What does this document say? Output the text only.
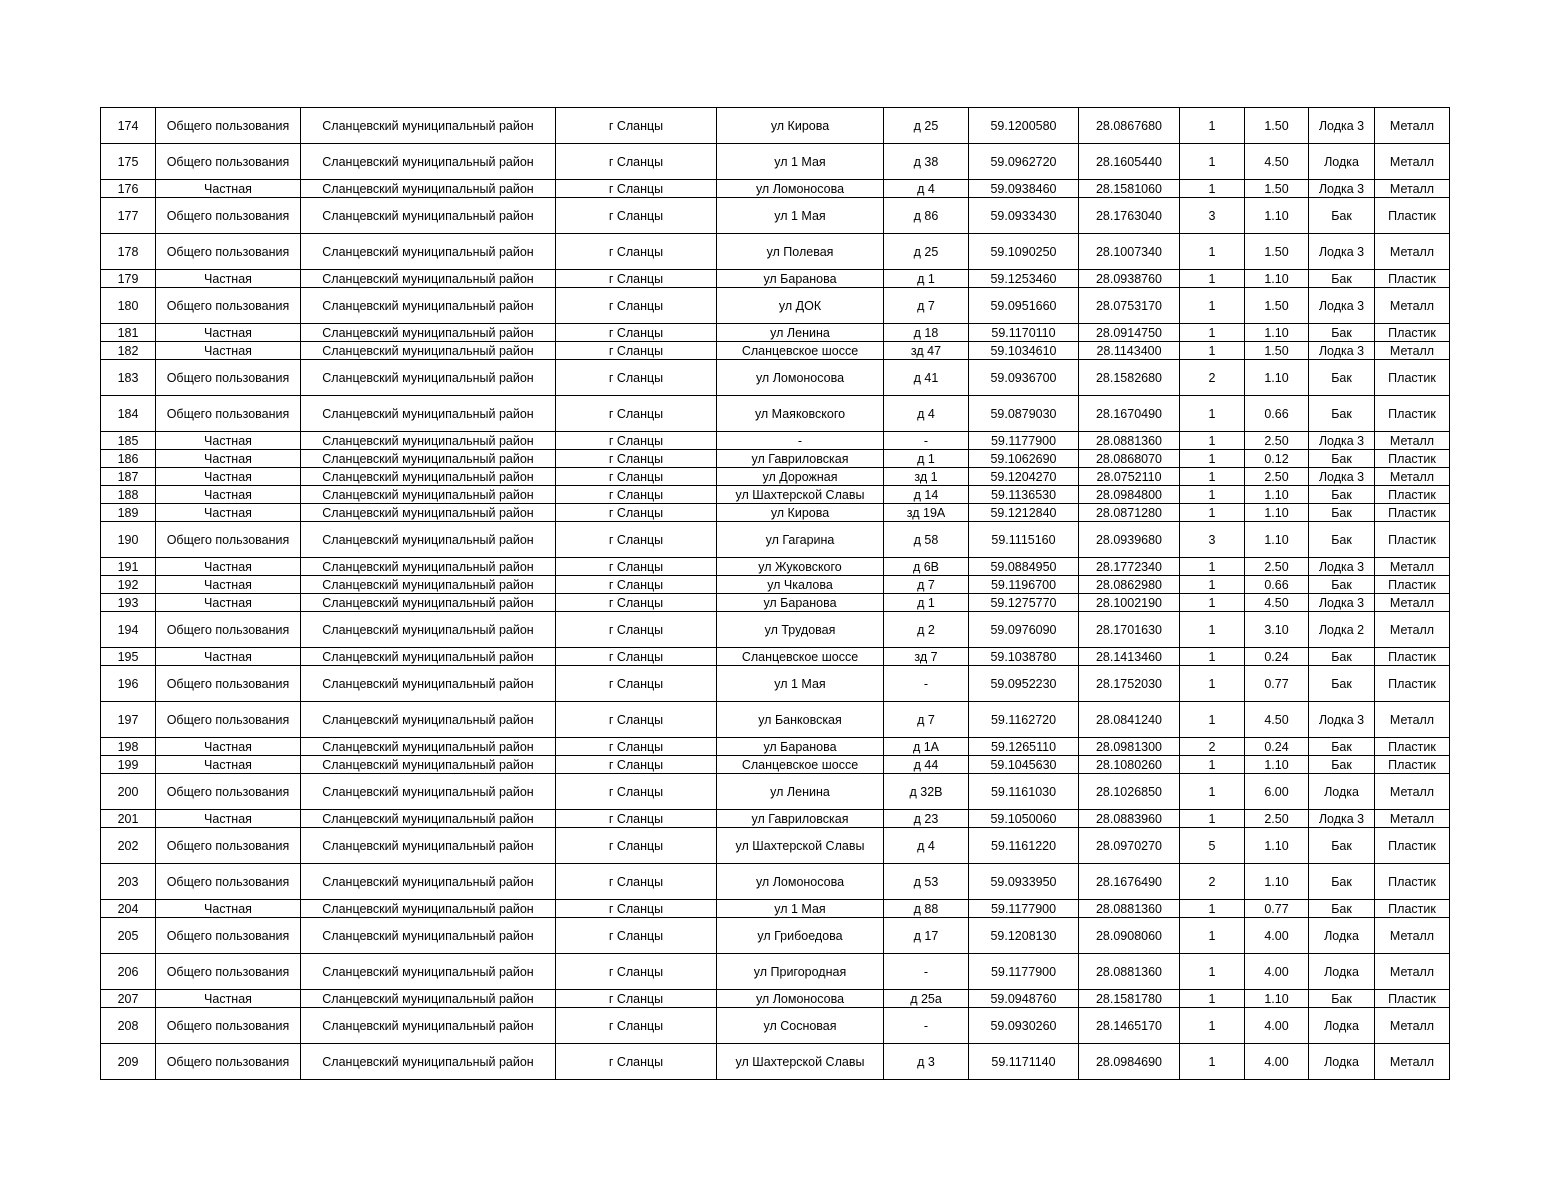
174	Общего пользования	Сланцевский муниципальный район	г Сланцы	ул Кирова	д 25	59.1200580	28.0867680	1	1.50	Лодка 3	Металл
175	Общего пользования	Сланцевский муниципальный район	г Сланцы	ул 1 Мая	д 38	59.0962720	28.1605440	1	4.50	Лодка	Металл
176	Частная	Сланцевский муниципальный район	г Сланцы	ул Ломоносова	д 4	59.0938460	28.1581060	1	1.50	Лодка 3	Металл
177	Общего пользования	Сланцевский муниципальный район	г Сланцы	ул 1 Мая	д 86	59.0933430	28.1763040	3	1.10	Бак	Пластик
178	Общего пользования	Сланцевский муниципальный район	г Сланцы	ул Полевая	д 25	59.1090250	28.1007340	1	1.50	Лодка 3	Металл
179	Частная	Сланцевский муниципальный район	г Сланцы	ул Баранова	д 1	59.1253460	28.0938760	1	1.10	Бак	Пластик
180	Общего пользования	Сланцевский муниципальный район	г Сланцы	ул ДОК	д 7	59.0951660	28.0753170	1	1.50	Лодка 3	Металл
181	Частная	Сланцевский муниципальный район	г Сланцы	ул Ленина	д 18	59.1170110	28.0914750	1	1.10	Бак	Пластик
182	Частная	Сланцевский муниципальный район	г Сланцы	Сланцевское шоссе	зд 47	59.1034610	28.1143400	1	1.50	Лодка 3	Металл
183	Общего пользования	Сланцевский муниципальный район	г Сланцы	ул Ломоносова	д 41	59.0936700	28.1582680	2	1.10	Бак	Пластик
184	Общего пользования	Сланцевский муниципальный район	г Сланцы	ул Маяковского	д 4	59.0879030	28.1670490	1	0.66	Бак	Пластик
185	Частная	Сланцевский муниципальный район	г Сланцы	-	-	59.1177900	28.0881360	1	2.50	Лодка 3	Металл
186	Частная	Сланцевский муниципальный район	г Сланцы	ул Гавриловская	д 1	59.1062690	28.0868070	1	0.12	Бак	Пластик
187	Частная	Сланцевский муниципальный район	г Сланцы	ул Дорожная	зд 1	59.1204270	28.0752110	1	2.50	Лодка 3	Металл
188	Частная	Сланцевский муниципальный район	г Сланцы	ул Шахтерской Славы	д 14	59.1136530	28.0984800	1	1.10	Бак	Пластик
189	Частная	Сланцевский муниципальный район	г Сланцы	ул Кирова	зд 19А	59.1212840	28.0871280	1	1.10	Бак	Пластик
190	Общего пользования	Сланцевский муниципальный район	г Сланцы	ул Гагарина	д 58	59.1115160	28.0939680	3	1.10	Бак	Пластик
191	Частная	Сланцевский муниципальный район	г Сланцы	ул Жуковского	д 6В	59.0884950	28.1772340	1	2.50	Лодка 3	Металл
192	Частная	Сланцевский муниципальный район	г Сланцы	ул Чкалова	д 7	59.1196700	28.0862980	1	0.66	Бак	Пластик
193	Частная	Сланцевский муниципальный район	г Сланцы	ул Баранова	д 1	59.1275770	28.1002190	1	4.50	Лодка 3	Металл
194	Общего пользования	Сланцевский муниципальный район	г Сланцы	ул Трудовая	д 2	59.0976090	28.1701630	1	3.10	Лодка 2	Металл
195	Частная	Сланцевский муниципальный район	г Сланцы	Сланцевское шоссе	зд 7	59.1038780	28.1413460	1	0.24	Бак	Пластик
196	Общего пользования	Сланцевский муниципальный район	г Сланцы	ул 1 Мая	-	59.0952230	28.1752030	1	0.77	Бак	Пластик
197	Общего пользования	Сланцевский муниципальный район	г Сланцы	ул Банковская	д 7	59.1162720	28.0841240	1	4.50	Лодка 3	Металл
198	Частная	Сланцевский муниципальный район	г Сланцы	ул Баранова	д 1А	59.1265110	28.0981300	2	0.24	Бак	Пластик
199	Частная	Сланцевский муниципальный район	г Сланцы	Сланцевское шоссе	д 44	59.1045630	28.1080260	1	1.10	Бак	Пластик
200	Общего пользования	Сланцевский муниципальный район	г Сланцы	ул Ленина	д 32В	59.1161030	28.1026850	1	6.00	Лодка	Металл
201	Частная	Сланцевский муниципальный район	г Сланцы	ул Гавриловская	д 23	59.1050060	28.0883960	1	2.50	Лодка 3	Металл
202	Общего пользования	Сланцевский муниципальный район	г Сланцы	ул Шахтерской Славы	д 4	59.1161220	28.0970270	5	1.10	Бак	Пластик
203	Общего пользования	Сланцевский муниципальный район	г Сланцы	ул Ломоносова	д 53	59.0933950	28.1676490	2	1.10	Бак	Пластик
204	Частная	Сланцевский муниципальный район	г Сланцы	ул 1 Мая	д 88	59.1177900	28.0881360	1	0.77	Бак	Пластик
205	Общего пользования	Сланцевский муниципальный район	г Сланцы	ул Грибоедова	д 17	59.1208130	28.0908060	1	4.00	Лодка	Металл
206	Общего пользования	Сланцевский муниципальный район	г Сланцы	ул Пригородная	-	59.1177900	28.0881360	1	4.00	Лодка	Металл
207	Частная	Сланцевский муниципальный район	г Сланцы	ул Ломоносова	д 25а	59.0948760	28.1581780	1	1.10	Бак	Пластик
208	Общего пользования	Сланцевский муниципальный район	г Сланцы	ул Сосновая	-	59.0930260	28.1465170	1	4.00	Лодка	Металл
209	Общего пользования	Сланцевский муниципальный район	г Сланцы	ул Шахтерской Славы	д 3	59.1171140	28.0984690	1	4.00	Лодка	Металл
